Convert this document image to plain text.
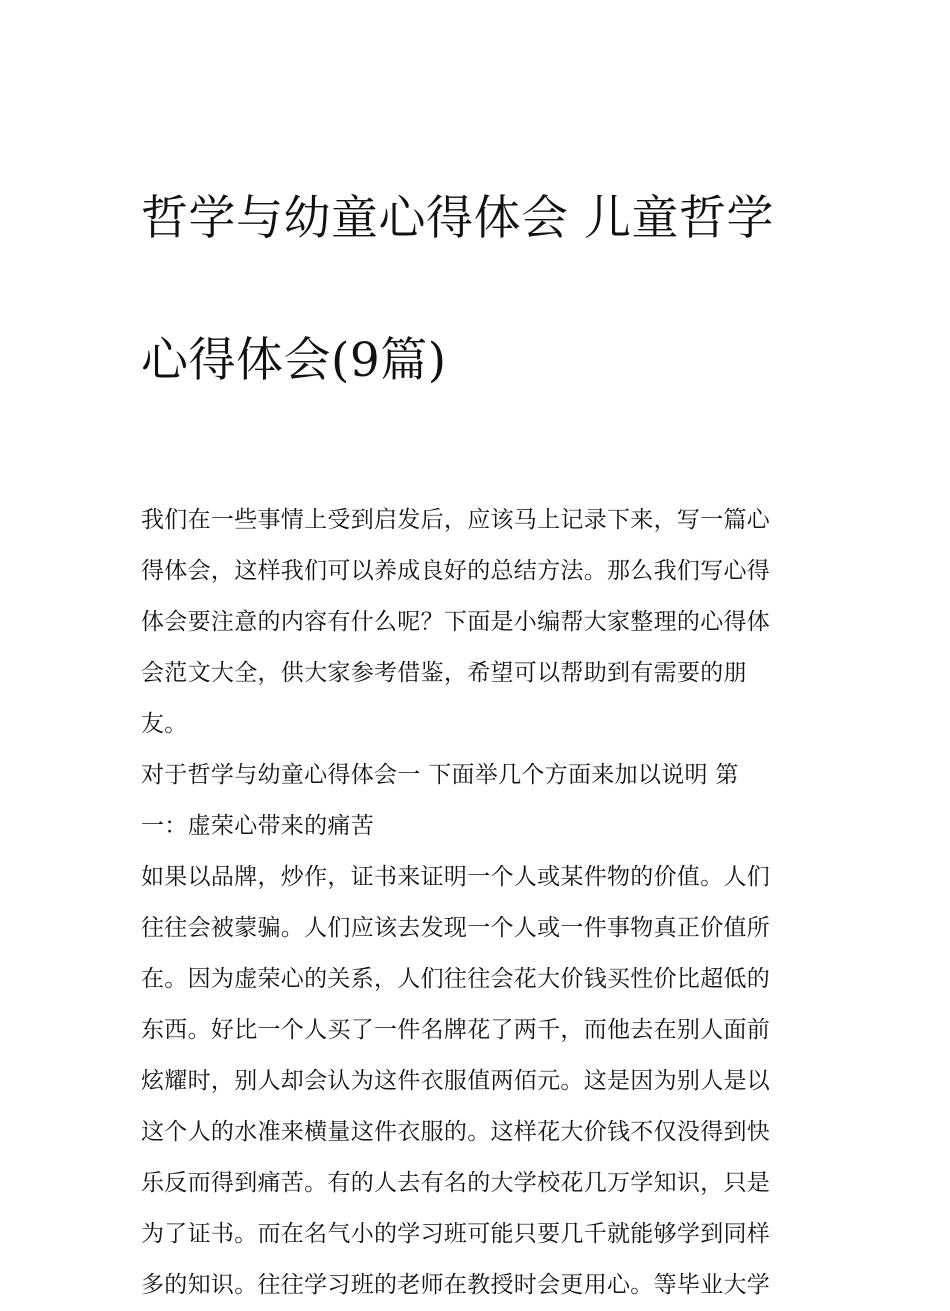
哲学与幼童心得体会 儿童哲学

心得体会(9篇)

我们在一些事情上受到启发后，应该马上记录下来，写一篇心
得体会，这样我们可以养成良好的总结方法。那么我们写心得
体会要注意的内容有什么呢？下面是小编帮大家整理的心得体
会范文大全，供大家参考借鉴，希望可以帮助到有需要的朋
友。

对于哲学与幼童心得体会一 下面举几个方面来加以说明 第
一：虚荣心带来的痛苦

如果以品牌，炒作，证书来证明一个人或某件物的价值。人们
往往会被蒙骗。人们应该去发现一个人或一件事物真正价值所
在。因为虚荣心的关系，人们往往会花大价钱买性价比超低的
东西。好比一个人买了一件名牌花了两千，而他去在别人面前
炫耀时，别人却会认为这件衣服值两佰元。这是因为别人是以
这个人的水准来横量这件衣服的。这样花大价钱不仅没得到快
乐反而得到痛苦。有的人去有名的大学校花几万学知识，只是
为了证书。而在名气小的学习班可能只要几千就能够学到同样
多的知识。往往学习班的老师在教授时会更用心。等毕业大学
